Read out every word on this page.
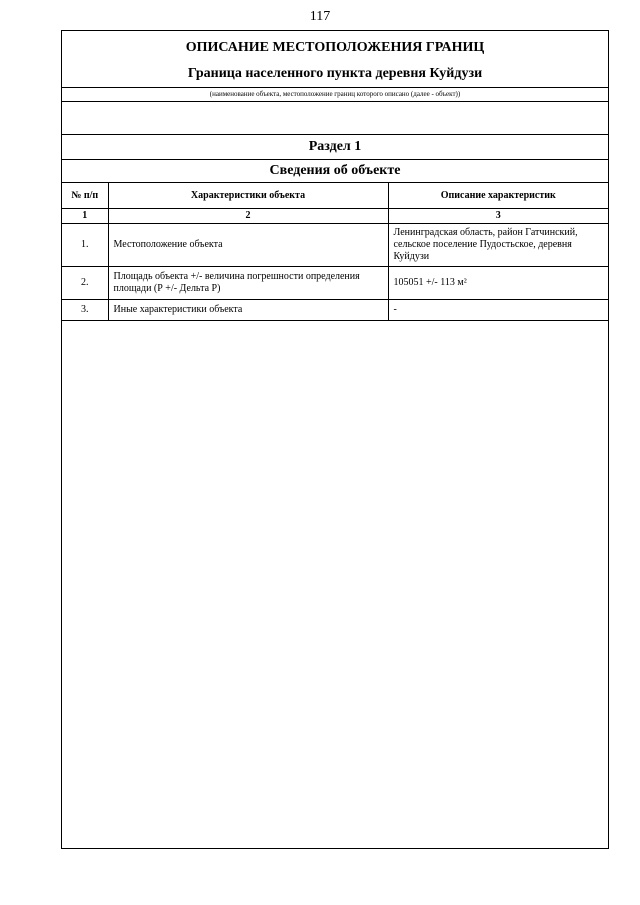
117
ОПИСАНИЕ МЕСТОПОЛОЖЕНИЯ ГРАНИЦ
Граница населенного пункта деревня Куйдузи
(наименование объекта, местоположение границ которого описано (далее - объект))
Раздел 1
Сведения об объекте
№ п/п	Характеристики объекта	Описание характеристик
1	2	3
1.	Местоположение объекта	Ленинградская область, район Гатчинский, сельское поселение Пудостьское, деревня Куйдузи

2.	Площадь объекта +/- величина погрешности определения площади (Р +/- Дельта Р)	105051 +/- 113 м²

3.	Иные характеристики объекта	-
